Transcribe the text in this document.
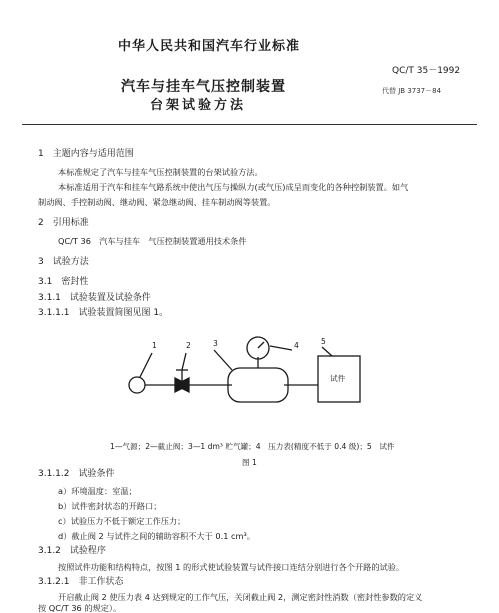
中华人民共和国汽车行业标准
QC/T 35－1992
汽车与挂车气压控制装置	代替 JB 3737－84
台架试验方法
1　主题内容与适用范围
本标准规定了汽车与挂车气压控制装置的台架试验方法。
本标准适用于汽车和挂车气路系统中使出气压与操纵力(或气压)成呈而变化的各种控制装置。如气
制动阀、手控制动阀、继动阀、紧急继动阀、挂车制动阀等装置。
2　引用标准
QC/T 36　汽车与挂车　气压控制装置通用技术条件
3　试验方法
3.1　密封性
3.1.1　试验装置及试验条件
3.1.1.1　试验装置简图见图 1。
1	2	3	4	5
试件
1—气源；2—截止阀；3—1 dm³ 贮气罐；4　压力表(精度不低于 0.4 级)；5　试件
图 1
3.1.1.2　试验条件
a）环境温度：室温；
b）试件密封状态的开路口；
c）试验压力不低于额定工作压力；
d）截止阀 2 与试件之间的辅助容积不大于 0.1 cm³。
3.1.2　试验程序
按照试件功能和结构特点，按图 1 的形式使试验装置与试件接口连结分别进行各个开路的试验。
3.1.2.1　非工作状态
开启截止阀 2 使压力表 4 达到规定的工作气压，关闭截止阀 2，测定密封性消数（密封性参数的定义
按 QC/T 36 的规定）。
